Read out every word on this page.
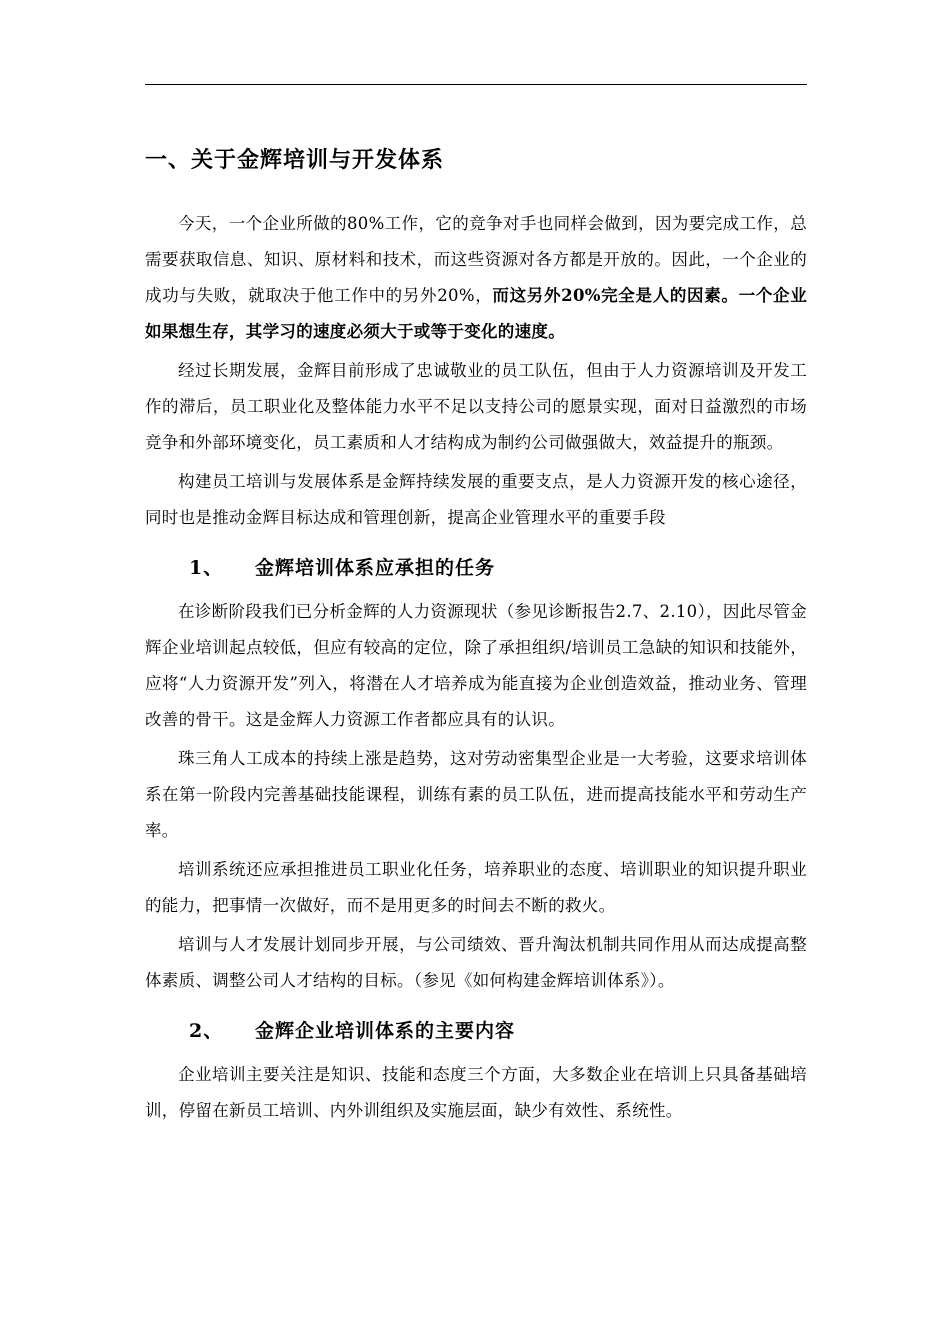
一、关于金辉培训与开发体系

今天，一个企业所做的80%工作，它的竞争对手也同样会做到，因为要完成工作，总需要获取信息、知识、原材料和技术，而这些资源对各方都是开放的。因此，一个企业的成功与失败，就取决于他工作中的另外20%，而这另外20%完全是人的因素。一个企业如果想生存，其学习的速度必须大于或等于变化的速度。

经过长期发展，金辉目前形成了忠诚敬业的员工队伍，但由于人力资源培训及开发工作的滞后，员工职业化及整体能力水平不足以支持公司的愿景实现，面对日益激烈的市场竞争和外部环境变化，员工素质和人才结构成为制约公司做强做大，效益提升的瓶颈。

构建员工培训与发展体系是金辉持续发展的重要支点，是人力资源开发的核心途径，同时也是推动金辉目标达成和管理创新，提高企业管理水平的重要手段

1、 金辉培训体系应承担的任务

在诊断阶段我们已分析金辉的人力资源现状（参见诊断报告2.7、2.10），因此尽管金辉企业培训起点较低，但应有较高的定位，除了承担组织/培训员工急缺的知识和技能外，应将“人力资源开发”列入，将潜在人才培养成为能直接为企业创造效益，推动业务、管理改善的骨干。这是金辉人力资源工作者都应具有的认识。

珠三角人工成本的持续上涨是趋势，这对劳动密集型企业是一大考验，这要求培训体系在第一阶段内完善基础技能课程，训练有素的员工队伍，进而提高技能水平和劳动生产率。

培训系统还应承担推进员工职业化任务，培养职业的态度、培训职业的知识提升职业的能力，把事情一次做好，而不是用更多的时间去不断的救火。

培训与人才发展计划同步开展，与公司绩效、晋升淘汰机制共同作用从而达成提高整体素质、调整公司人才结构的目标。（参见《如何构建金辉培训体系》）。

2、 金辉企业培训体系的主要内容

企业培训主要关注是知识、技能和态度三个方面，大多数企业在培训上只具备基础培训，停留在新员工培训、内外训组织及实施层面，缺少有效性、系统性。
